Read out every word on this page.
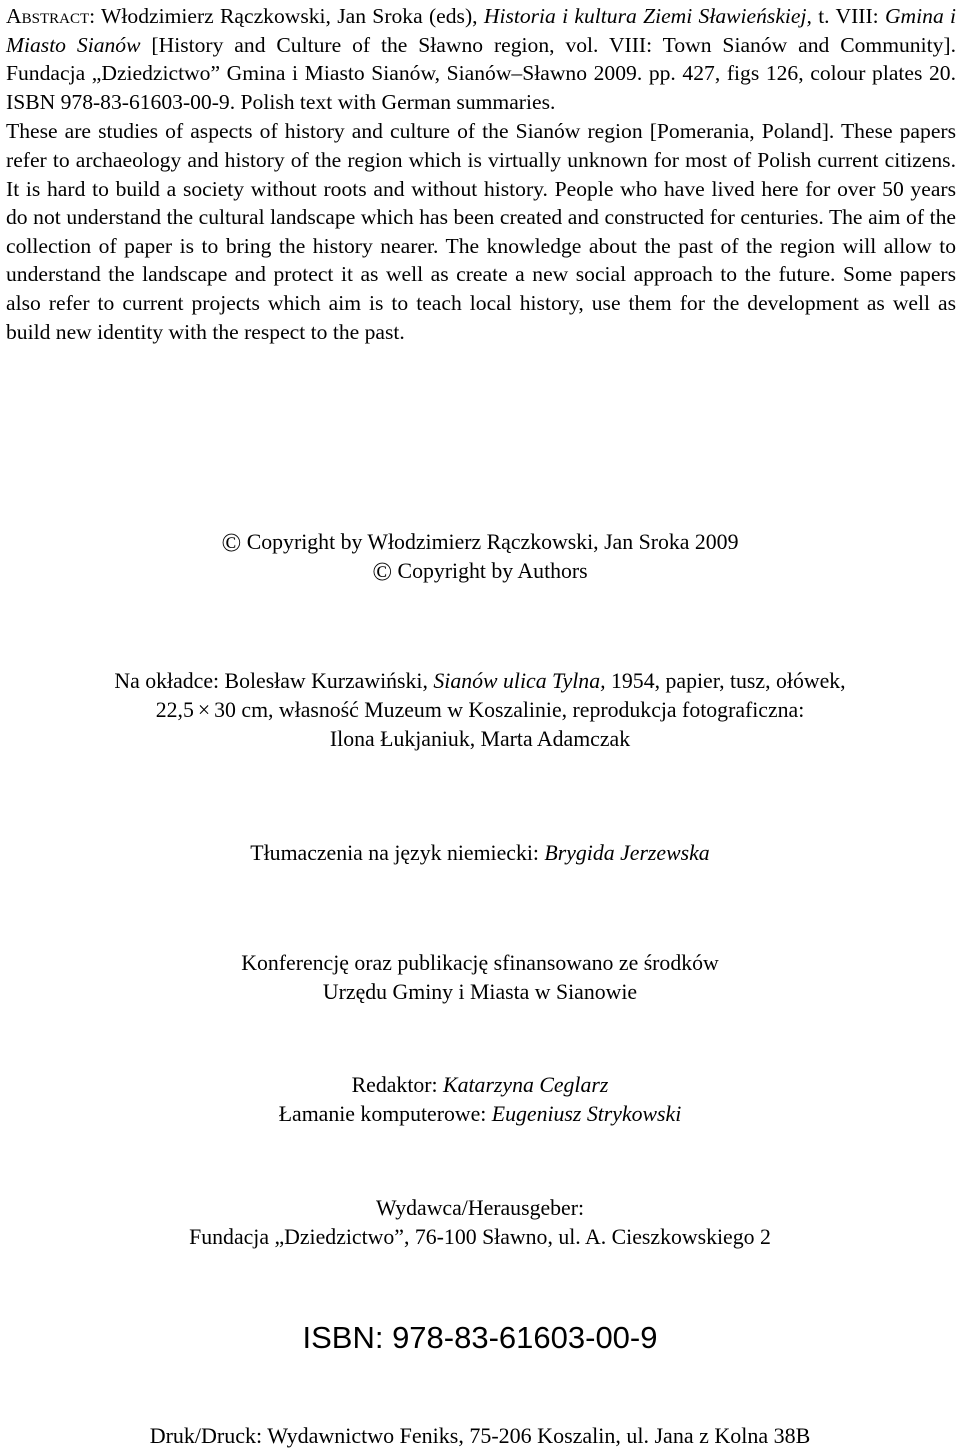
Abstract: Włodzimierz Rączkowski, Jan Sroka (eds), Historia i kultura Ziemi Sławieńskiej, t. VIII: Gmina i Miasto Sianów [History and Culture of the Sławno region, vol. VIII: Town Sianów and Community]. Fundacja „Dziedzictwo” Gmina i Miasto Sianów, Sianów–Sławno 2009. pp. 427, figs 126, colour plates 20. ISBN 978-83-61603-00-9. Polish text with German summaries.

These are studies of aspects of history and culture of the Sianów region [Pomerania, Poland]. These papers refer to archaeology and history of the region which is virtually unknown for most of Polish current citizens. It is hard to build a society without roots and without history. People who have lived here for over 50 years do not understand the cultural landscape which has been created and constructed for centuries. The aim of the collection of paper is to bring the history nearer. The knowledge about the past of the region will allow to understand the landscape and protect it as well as create a new social approach to the future. Some papers also refer to current projects which aim is to teach local history, use them for the development as well as build new identity with the respect to the past.

© Copyright by Włodzimierz Rączkowski, Jan Sroka 2009
© Copyright by Authors
Na okładce: Bolesław Kurzawiński, Sianów ulica Tylna, 1954, papier, tusz, ołówek,
22,5 × 30 cm, własność Muzeum w Koszalinie, reprodukcja fotograficzna:
Ilona Łukjaniuk, Marta Adamczak
Tłumaczenia na język niemiecki: Brygida Jerzewska
Konferencję oraz publikację sfinansowano ze środków
Urzędu Gminy i Miasta w Sianowie
Redaktor: Katarzyna Ceglarz
Łamanie komputerowe: Eugeniusz Strykowski
Wydawca/Herausgeber:
Fundacja „Dziedzictwo”, 76-100 Sławno, ul. A. Cieszkowskiego 2
ISBN: 978-83-61603-00-9
Druk/Druck: Wydawnictwo Feniks, 75-206 Koszalin, ul. Jana z Kolna 38B
